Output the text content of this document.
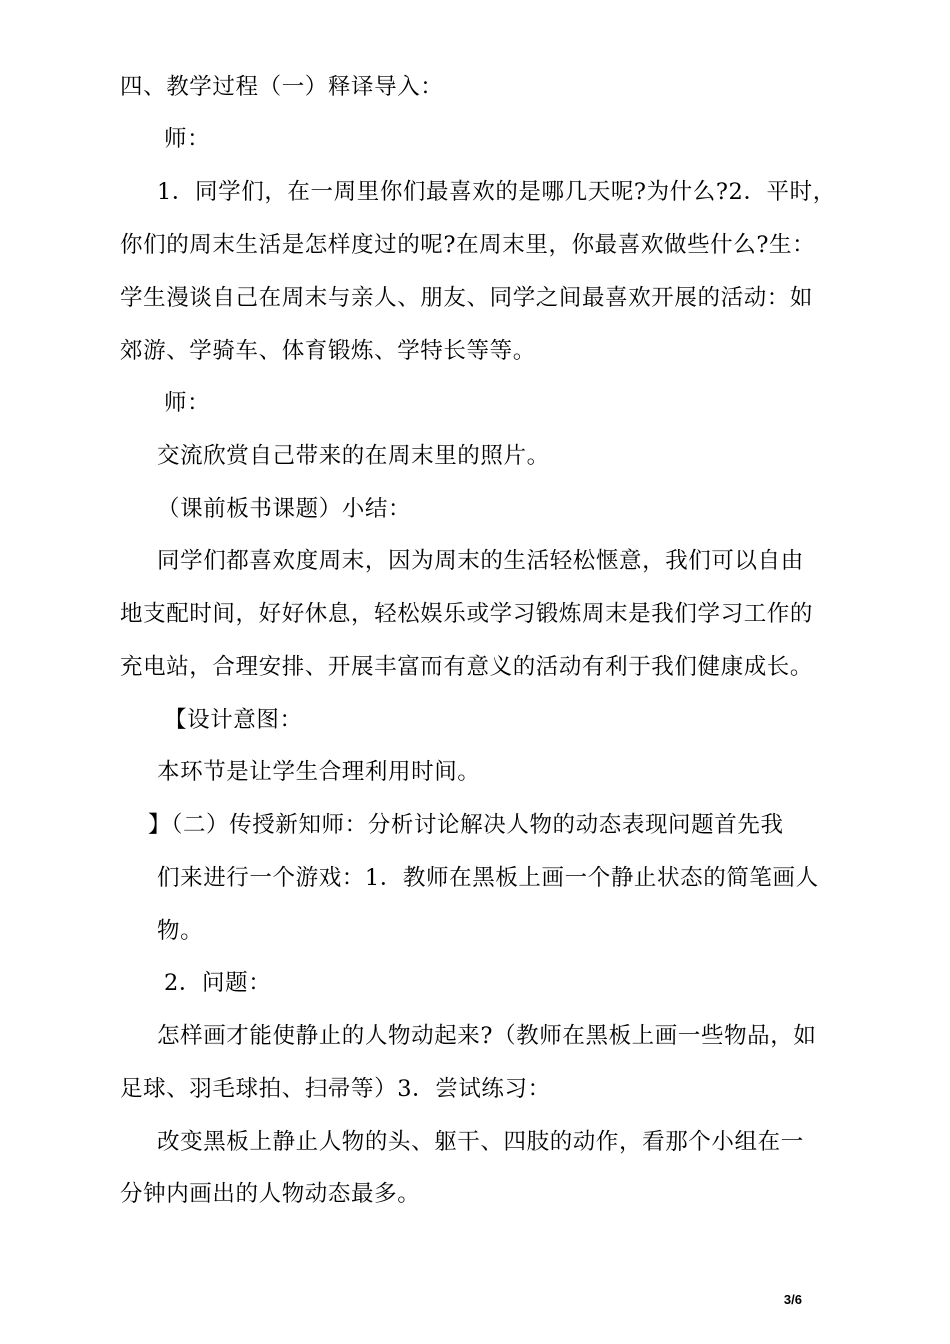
四、教学过程（一）释译导入：
师：
1．同学们，在一周里你们最喜欢的是哪几天呢?为什么?2．平时，
你们的周末生活是怎样度过的呢?在周末里，你最喜欢做些什么?生：
学生漫谈自己在周末与亲人、朋友、同学之间最喜欢开展的活动：如
郊游、学骑车、体育锻炼、学特长等等。
师：
交流欣赏自己带来的在周末里的照片。
（课前板书课题）小结：
同学们都喜欢度周末，因为周末的生活轻松惬意，我们可以自由
地支配时间，好好休息，轻松娱乐或学习锻炼周末是我们学习工作的
充电站，合理安排、开展丰富而有意义的活动有利于我们健康成长。
【设计意图：
本环节是让学生合理利用时间。
】（二）传授新知师：分析讨论解决人物的动态表现问题首先我
们来进行一个游戏：1．教师在黑板上画一个静止状态的简笔画人
物。
2．问题：
怎样画才能使静止的人物动起来?（教师在黑板上画一些物品，如
足球、羽毛球拍、扫帚等）3．尝试练习：
改变黑板上静止人物的头、躯干、四肢的动作，看那个小组在一
分钟内画出的人物动态最多。
3/6
